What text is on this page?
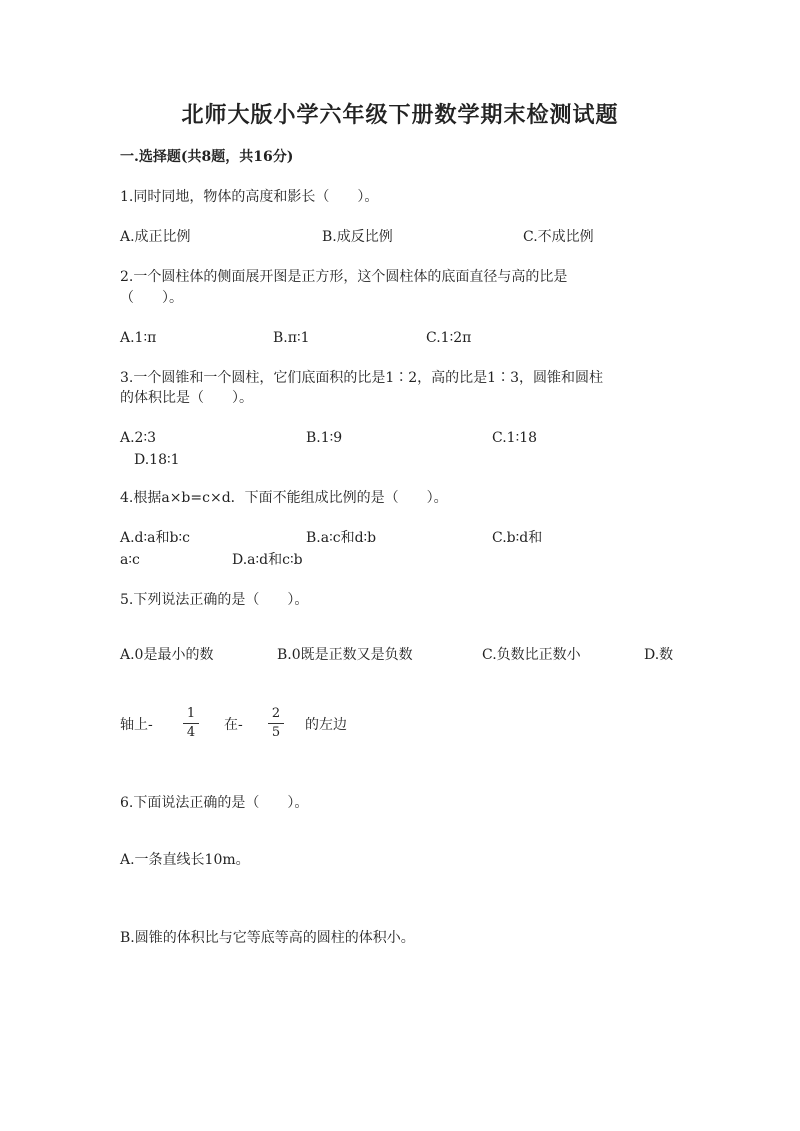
北师大版小学六年级下册数学期末检测试题
一.选择题(共8题，共16分)
1.同时同地，物体的高度和影长（　　）。
A.成正比例	B.成反比例	C.不成比例
2.一个圆柱体的侧面展开图是正方形，这个圆柱体的底面直径与高的比是
（　　）。
A.1∶π	B.π∶1	C.1∶2π
3.一个圆锥和一个圆柱，它们底面积的比是1∶2，高的比是1∶3，圆锥和圆柱
的体积比是（　　）。
A.2∶3	B.1∶9	C.1∶18
D.18∶1
4.根据a×b=c×d．下面不能组成比例的是（　　）。
A.d∶a和b∶c	B.a∶c和d∶b	C.b∶d和
a∶c	D.a∶d和c∶b
5.下列说法正确的是（　　）。
A.0是最小的数	B.0既是正数又是负数	C.负数比正数小	D.数
轴上-
1
4 在-
2
5 的左边
6.下面说法正确的是（　　）。
A.一条直线长10m。
B.圆锥的体积比与它等底等高的圆柱的体积小。
